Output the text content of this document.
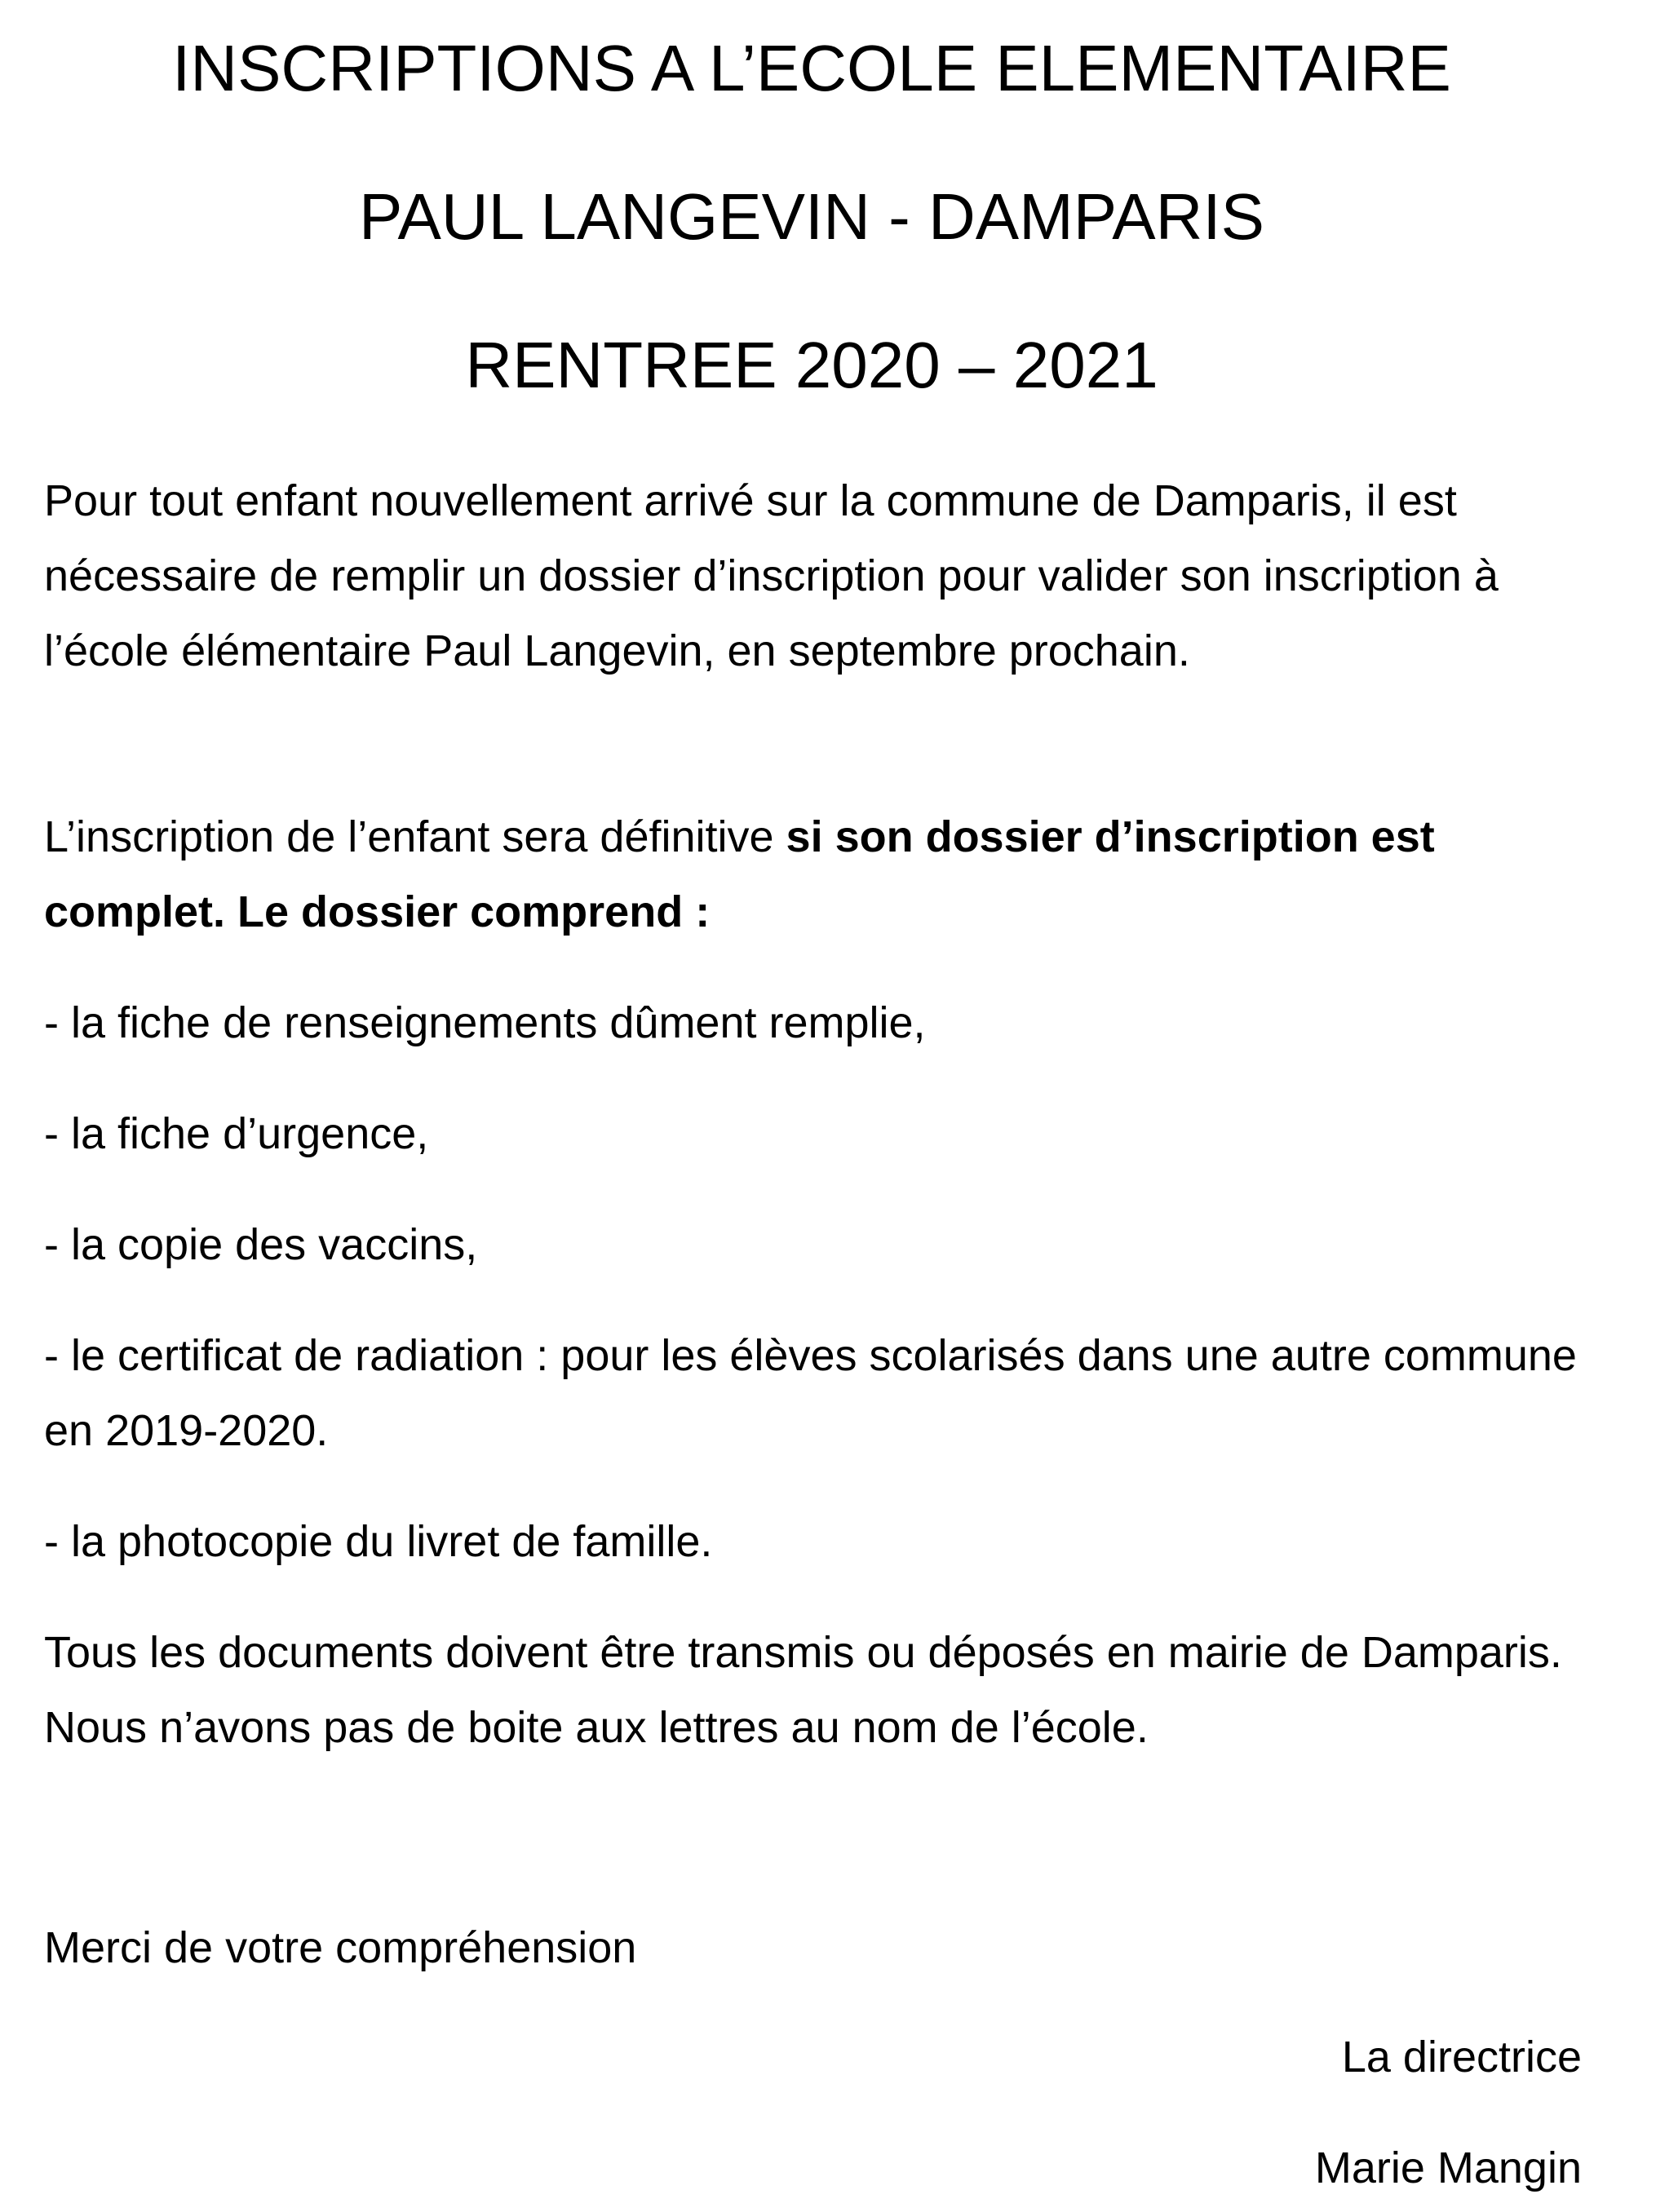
INSCRIPTIONS A L’ECOLE ELEMENTAIRE
PAUL LANGEVIN - DAMPARIS
RENTREE 2020 – 2021

Pour tout enfant nouvellement arrivé sur la commune de Damparis, il est nécessaire de remplir un dossier d’inscription pour valider son inscription à l’école élémentaire Paul Langevin, en septembre prochain.

L’inscription de l’enfant sera définitive si son dossier d’inscription est complet. Le dossier comprend :

- la fiche de renseignements dûment remplie,

- la fiche d’urgence,

- la copie des vaccins,

- le certificat de radiation : pour les élèves scolarisés dans une autre commune en 2019-2020.

- la photocopie du livret de famille.

Tous les documents doivent être transmis ou déposés en mairie de Damparis. Nous n’avons pas de boite aux lettres au nom de l’école.

Merci de votre compréhension

La directrice

Marie Mangin
